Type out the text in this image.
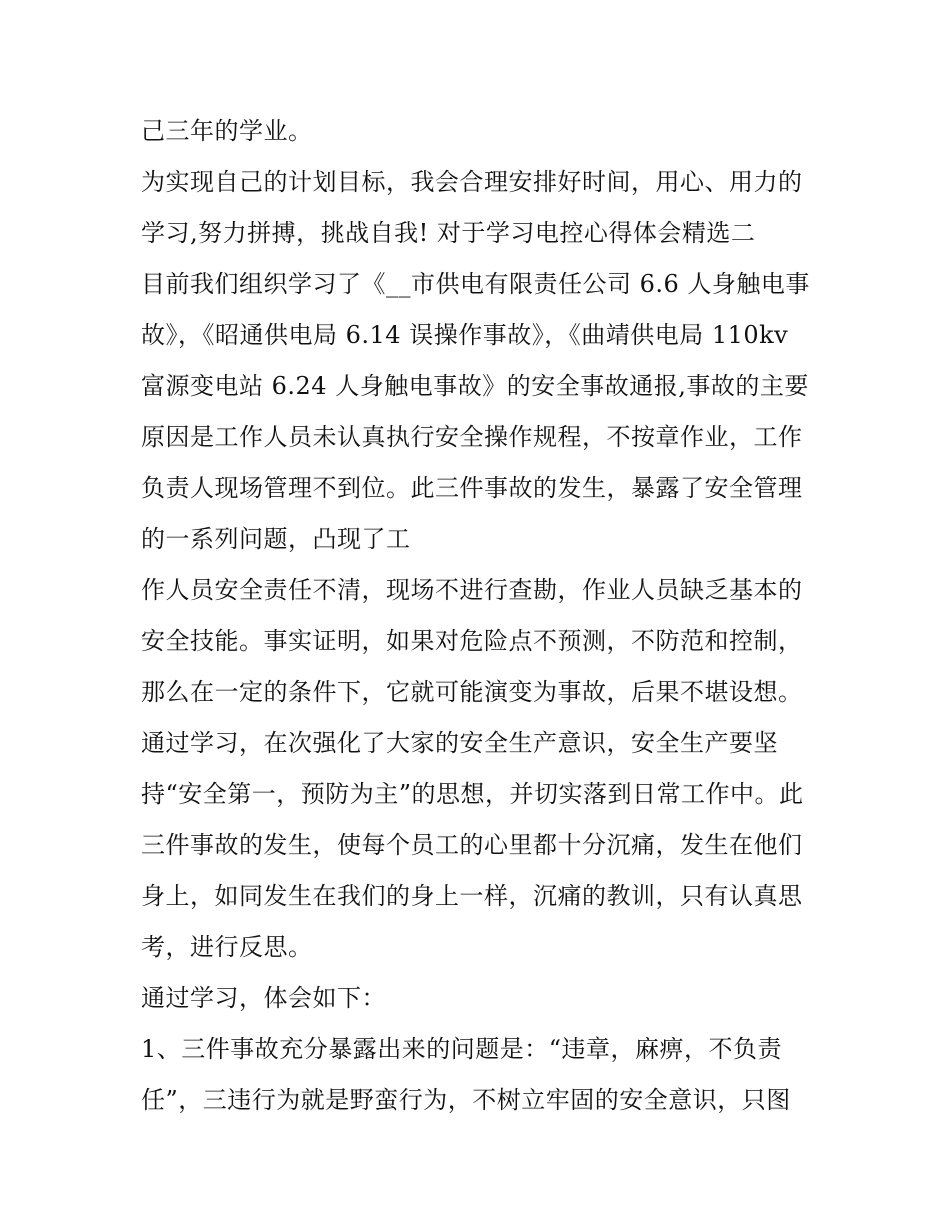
己三年的学业。
为实现自己的计划目标，我会合理安排好时间，用心、用力的
学习,努力拼搏，挑战自我! 对于学习电控心得体会精选二
目前我们组织学习了《__市供电有限责任公司 6.6 人身触电事
故》，《昭通供电局 6.14 误操作事故》，《曲靖供电局 110kv
富源变电站 6.24 人身触电事故》的安全事故通报,事故的主要
原因是工作人员未认真执行安全操作规程，不按章作业，工作
负责人现场管理不到位。此三件事故的发生，暴露了安全管理
的一系列问题，凸现了工
作人员安全责任不清，现场不进行查勘，作业人员缺乏基本的
安全技能。事实证明，如果对危险点不预测，不防范和控制，
那么在一定的条件下，它就可能演变为事故，后果不堪设想。
通过学习，在次强化了大家的安全生产意识，安全生产要坚
持“安全第一，预防为主”的思想，并切实落到日常工作中。此
三件事故的发生，使每个员工的心里都十分沉痛，发生在他们
身上，如同发生在我们的身上一样，沉痛的教训，只有认真思
考，进行反思。
通过学习，体会如下：
1、三件事故充分暴露出来的问题是：“违章，麻痹，不负责
任”，三违行为就是野蛮行为，不树立牢固的安全意识，只图
